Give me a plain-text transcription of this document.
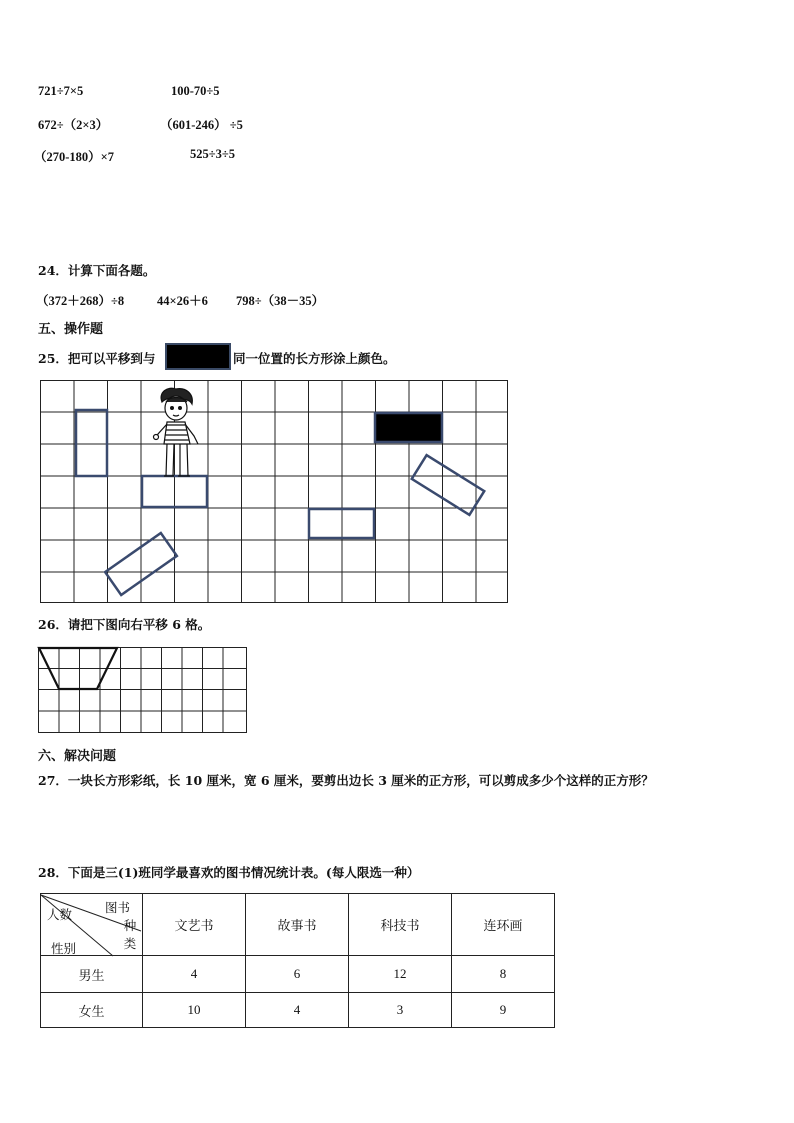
721÷7×5	100-70÷5
672÷（2×3）	（601-246） ÷5
（270-180）×7	525÷3÷5
24．计算下面各题。
（372＋268）÷8	44×26＋6 798÷（38－35）
五、操作题
25．把可以平移到与	同一位置的长方形涂上颜色。
26．请把下图向右平移 6 格。
六、解决问题
27．一块长方形彩纸，长 10 厘米，宽 6 厘米，要剪出边长 3 厘米的正方形，可以剪成多少个这样的正方形？
28．下面是三(1)班同学最喜欢的图书情况统计表。(每人限选一种）
图书
种类
人数
性别	文艺书	故事书	科技书	连环画
男生	4	6	12	8
女生	10	4	3	9
